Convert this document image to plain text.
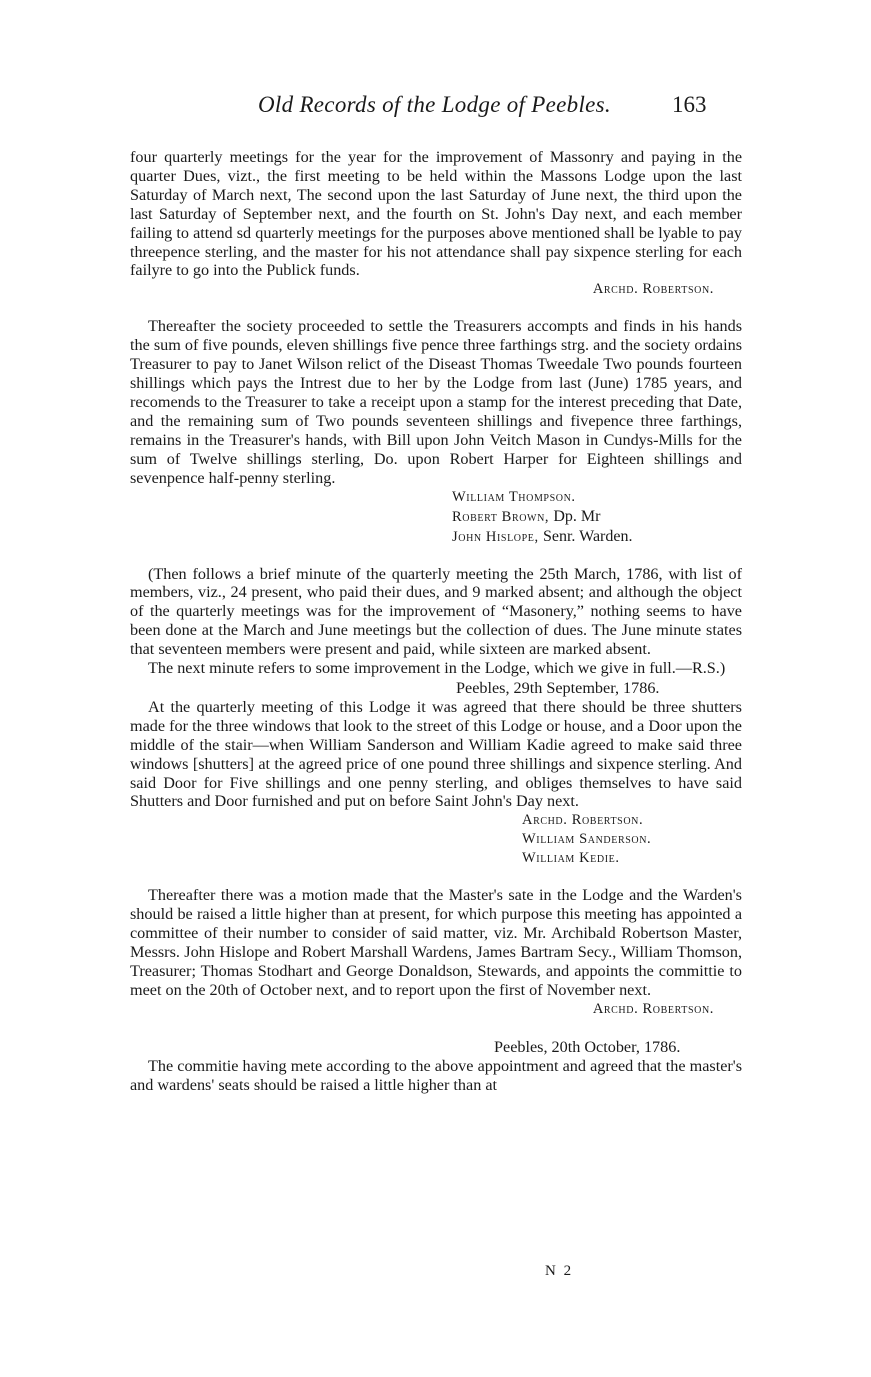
Old Records of the Lodge of Peebles.	163

four quarterly meetings for the year for the improvement of Massonry and paying in the quarter Dues, vizt., the first meeting to be held within the Massons Lodge upon the last Saturday of March next, The second upon the last Saturday of June next, the third upon the last Saturday of September next, and the fourth on St. John's Day next, and each member failing to attend sd quarterly meetings for the purposes above mentioned shall be lyable to pay threepence sterling, and the master for his not attendance shall pay sixpence sterling for each failyre to go into the Publick funds.

Archd. Robertson.

Thereafter the society proceeded to settle the Treasurers accompts and finds in his hands the sum of five pounds, eleven shillings five pence three farthings strg. and the society ordains Treasurer to pay to Janet Wilson relict of the Diseast Thomas Tweedale Two pounds fourteen shillings which pays the Intrest due to her by the Lodge from last (June) 1785 years, and recomends to the Treasurer to take a receipt upon a stamp for the interest preceding that Date, and the remaining sum of Two pounds seventeen shillings and fivepence three farthings, remains in the Treasurer's hands, with Bill upon John Veitch Mason in Cundys-Mills for the sum of Twelve shillings sterling, Do. upon Robert Harper for Eighteen shillings and sevenpence half-penny sterling.

William Thompson.

Robert Brown, Dp. Mr

John Hislope, Senr. Warden.

(Then follows a brief minute of the quarterly meeting the 25th March, 1786, with list of members, viz., 24 present, who paid their dues, and 9 marked absent; and although the object of the quarterly meetings was for the improvement of “Masonery,” nothing seems to have been done at the March and June meetings but the collection of dues. The June minute states that seventeen members were present and paid, while sixteen are marked absent.

The next minute refers to some improvement in the Lodge, which we give in full.—R.S.)

Peebles, 29th September, 1786.

At the quarterly meeting of this Lodge it was agreed that there should be three shutters made for the three windows that look to the street of this Lodge or house, and a Door upon the middle of the stair—when William Sanderson and William Kadie agreed to make said three windows [shutters] at the agreed price of one pound three shillings and sixpence sterling. And said Door for Five shillings and one penny sterling, and obliges themselves to have said Shutters and Door furnished and put on before Saint John's Day next.

Archd. Robertson.

William Sanderson.

William Kedie.

Thereafter there was a motion made that the Master's sate in the Lodge and the Warden's should be raised a little higher than at present, for which purpose this meeting has appointed a committee of their number to consider of said matter, viz. Mr. Archibald Robertson Master, Messrs. John Hislope and Robert Marshall Wardens, James Bartram Secy., William Thomson, Treasurer; Thomas Stodhart and George Donaldson, Stewards, and appoints the committie to meet on the 20th of October next, and to report upon the first of November next.

Archd. Robertson.

Peebles, 20th October, 1786.

The commitie having mete according to the above appointment and agreed that the master's and wardens' seats should be raised a little higher than at

N 2
